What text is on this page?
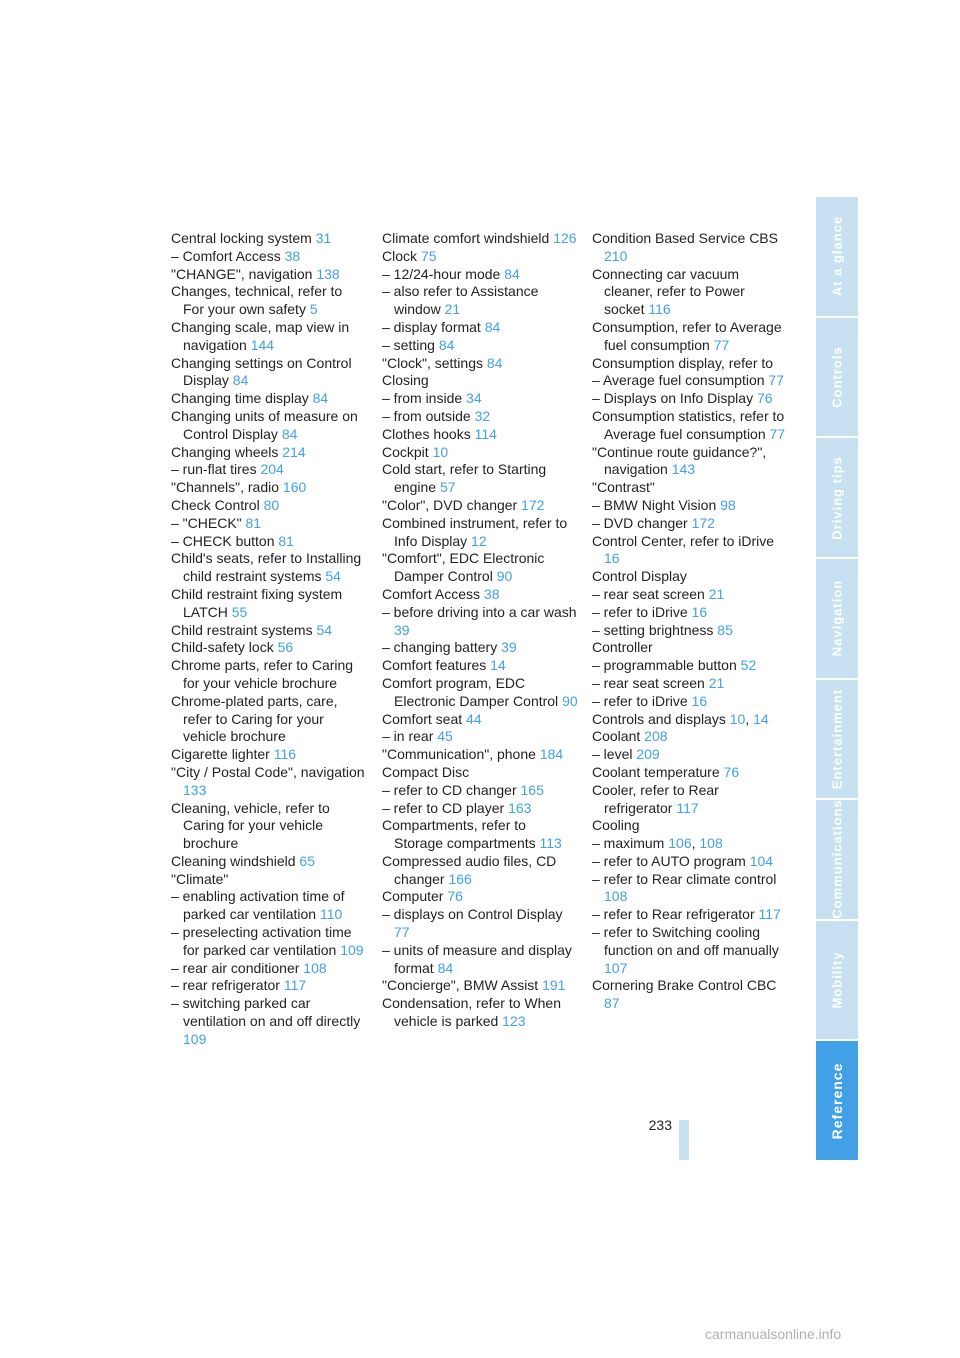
Central locking system 31
– Comfort Access 38
"CHANGE", navigation 138
Changes, technical, refer to For your own safety 5
Changing scale, map view in navigation 144
Changing settings on Control Display 84
Changing time display 84
Changing units of measure on Control Display 84
Changing wheels 214
– run-flat tires 204
"Channels", radio 160
Check Control 80
– "CHECK" 81
– CHECK button 81
Child's seats, refer to Installing child restraint systems 54
Child restraint fixing system LATCH 55
Child restraint systems 54
Child-safety lock 56
Chrome parts, refer to Caring for your vehicle brochure
Chrome-plated parts, care, refer to Caring for your vehicle brochure
Cigarette lighter 116
"City / Postal Code", navigation 133
Cleaning, vehicle, refer to Caring for your vehicle brochure
Cleaning windshield 65
"Climate"
– enabling activation time of parked car ventilation 110
– preselecting activation time for parked car ventilation 109
– rear air conditioner 108
– rear refrigerator 117
– switching parked car ventilation on and off directly 109
Climate comfort windshield 126
Clock 75
– 12/24-hour mode 84
– also refer to Assistance window 21
– display format 84
– setting 84
"Clock", settings 84
Closing
– from inside 34
– from outside 32
Clothes hooks 114
Cockpit 10
Cold start, refer to Starting engine 57
"Color", DVD changer 172
Combined instrument, refer to Info Display 12
"Comfort", EDC Electronic Damper Control 90
Comfort Access 38
– before driving into a car wash 39
– changing battery 39
Comfort features 14
Comfort program, EDC Electronic Damper Control 90
Comfort seat 44
– in rear 45
"Communication", phone 184
Compact Disc
– refer to CD changer 165
– refer to CD player 163
Compartments, refer to Storage compartments 113
Compressed audio files, CD changer 166
Computer 76
– displays on Control Display 77
– units of measure and display format 84
"Concierge", BMW Assist 191
Condensation, refer to When vehicle is parked 123
Condition Based Service CBS 210
Connecting car vacuum cleaner, refer to Power socket 116
Consumption, refer to Average fuel consumption 77
Consumption display, refer to
– Average fuel consumption 77
– Displays on Info Display 76
Consumption statistics, refer to Average fuel consumption 77
"Continue route guidance?", navigation 143
"Contrast"
– BMW Night Vision 98
– DVD changer 172
Control Center, refer to iDrive 16
Control Display
– rear seat screen 21
– refer to iDrive 16
– setting brightness 85
Controller
– programmable button 52
– rear seat screen 21
– refer to iDrive 16
Controls and displays 10, 14
Coolant 208
– level 209
Coolant temperature 76
Cooler, refer to Rear refrigerator 117
Cooling
– maximum 106, 108
– refer to AUTO program 104
– refer to Rear climate control 108
– refer to Rear refrigerator 117
– refer to Switching cooling function on and off manually 107
Cornering Brake Control CBC 87
233
At a glance
Controls
Driving tips
Navigation
Entertainment
Communications
Mobility
Reference
carmanualsonline.info
